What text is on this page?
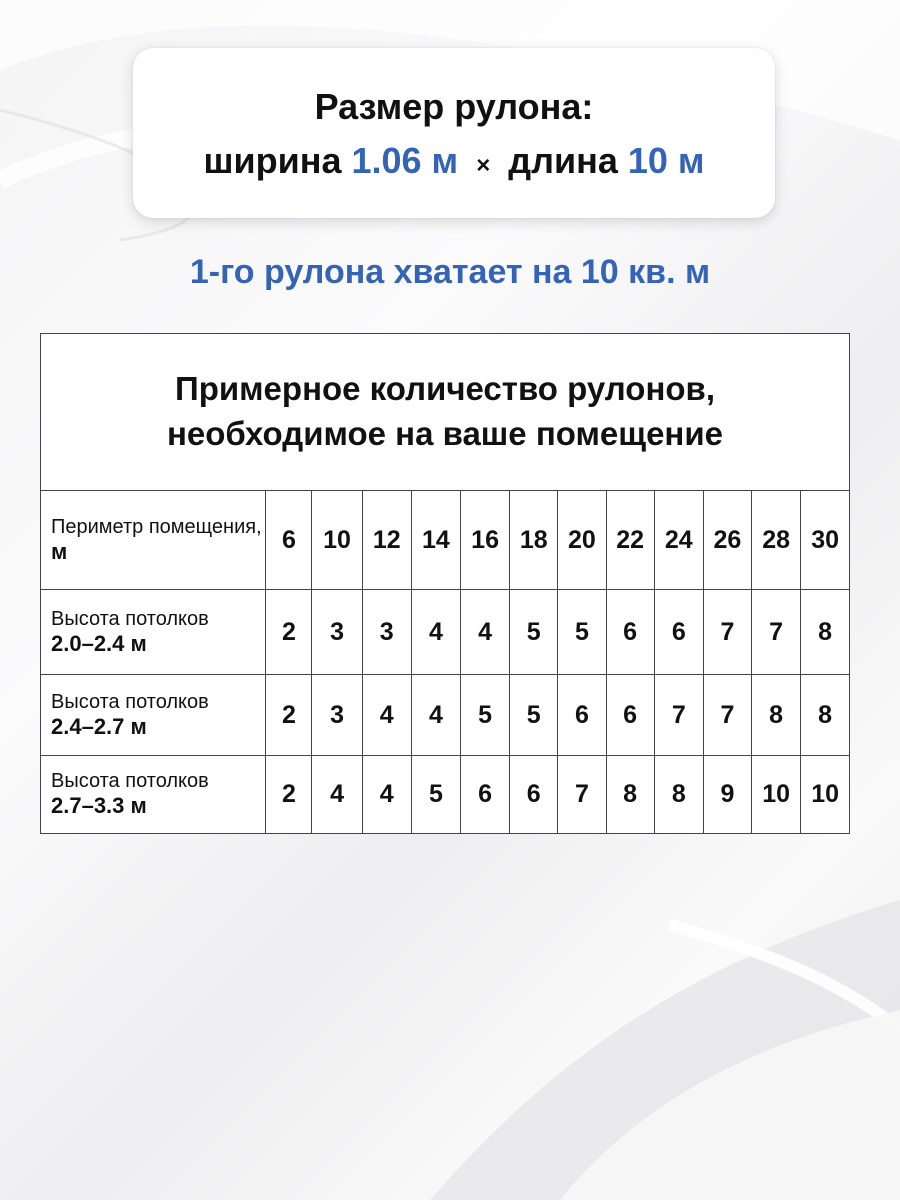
Размер рулона:
ширина 1.06 м × длина 10 м
1-го рулона хватает на 10 кв. м
Примерное количество рулонов,
необходимое на ваше помещение
Периметр помещения, м	6	10	12	14	16	18	20	22	24	26	28	30

Высота потолков
2.0–2.4 м	2	3	3	4	4	5	5	6	6	7	7	8

Высота потолков
2.4–2.7 м	2	3	4	4	5	5	6	6	7	7	8	8

Высота потолков
2.7–3.3 м	2	4	4	5	6	6	7	8	8	9	10	10
